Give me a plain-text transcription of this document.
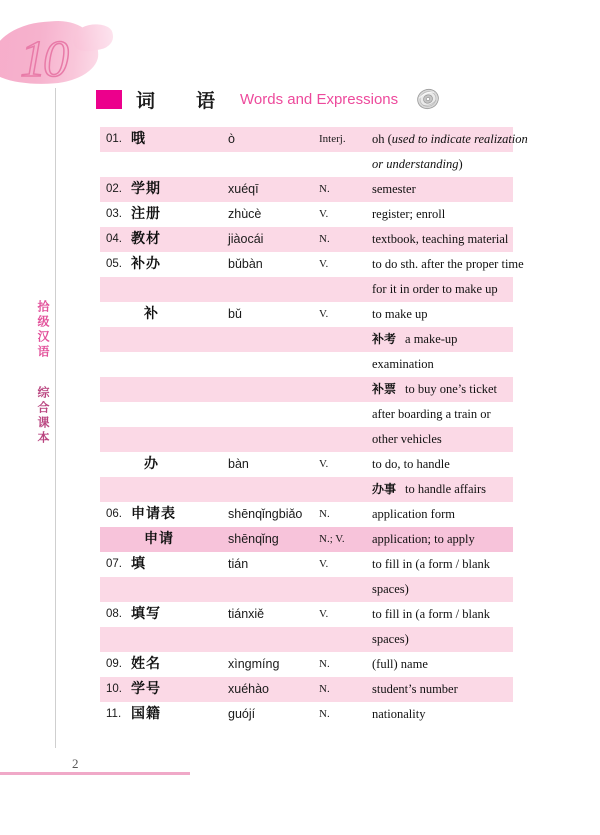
10
拾级汉语
综合课本
词　语 Words and Expressions
01. 哦	ò	Interj. oh (used to indicate realization
or understanding)
02. 学期	xuéqī	N.	semester
03. 注册	zhùcè	V.	register; enroll
04. 教材	jiàocái	N.	textbook, teaching material
05. 补办	bǔbàn	V.	to do sth. after the proper time
for it in order to make up
补	bǔ	V.	to make up
补考 a make-up
examination
补票 to buy one’s ticket
after boarding a train or
other vehicles
办	bàn	V.	to do, to handle
办事 to handle affairs
06. 申请表	shēnqǐngbiǎo N.	application form
申请	shēnqǐng	N.; V. application; to apply
07. 填	tián	V.	to fill in (a form / blank
spaces)
08. 填写	tiánxiě	V.	to fill in (a form / blank
spaces)
09. 姓名	xìngmíng	N.	(full) name
10. 学号	xuéhào	N.	student’s number
11. 国籍	guójí	N.	nationality
2
